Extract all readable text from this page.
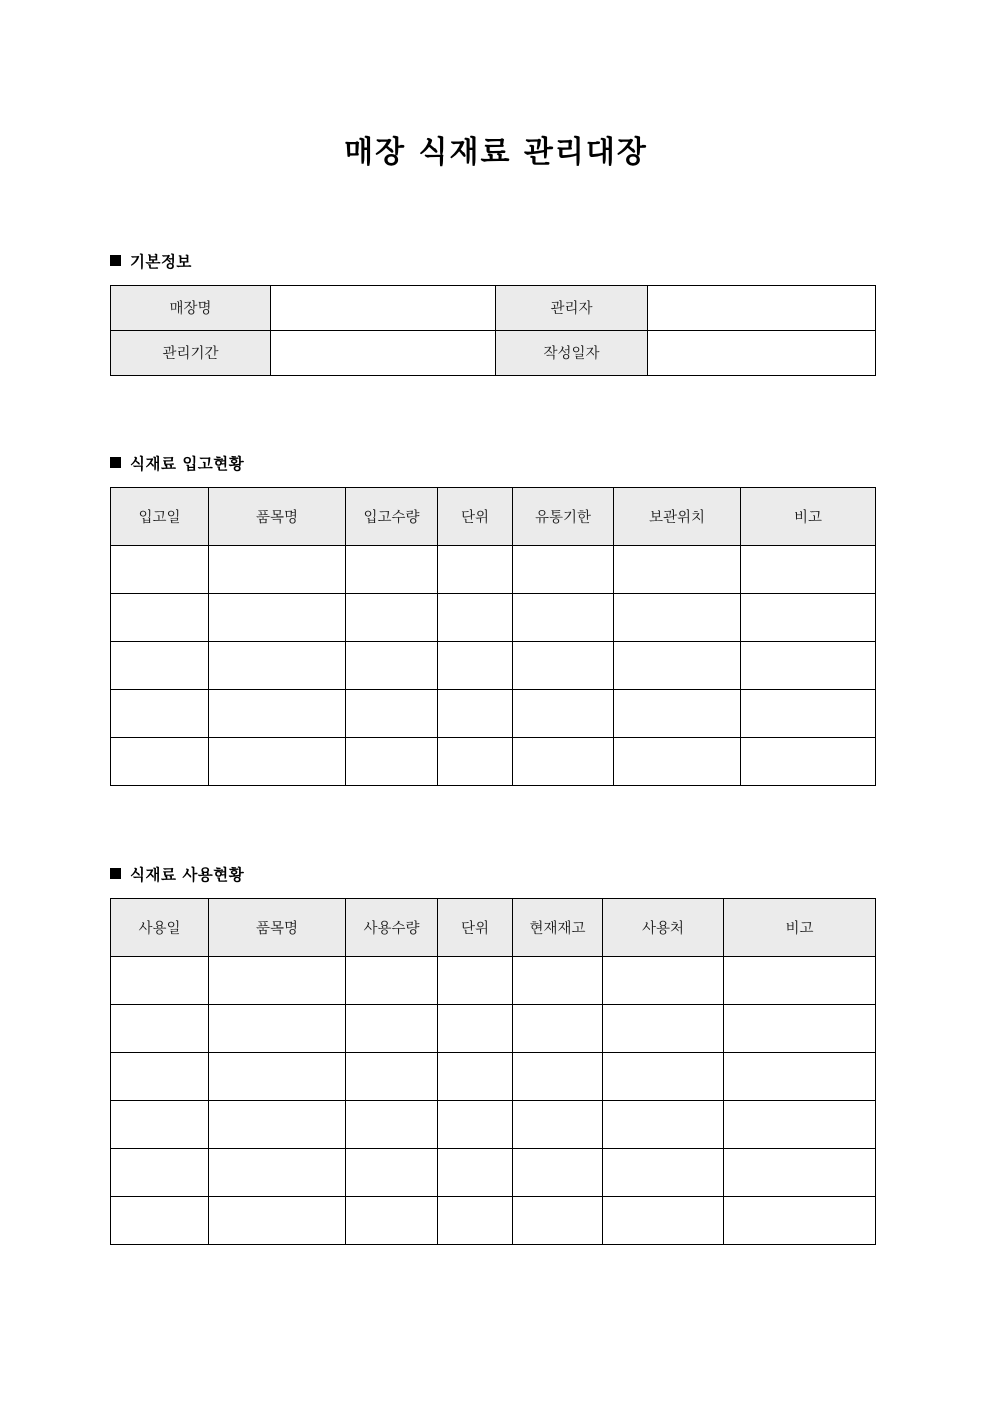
매장 식재료 관리대장
기본정보
매장명		관리자	
관리기간		작성일자	
식재료 입고현황
입고일	품목명	입고수량	단위	유통기한	보관위치	비고

식재료 사용현황
사용일	품목명	사용수량	단위	현재재고	사용처	비고
